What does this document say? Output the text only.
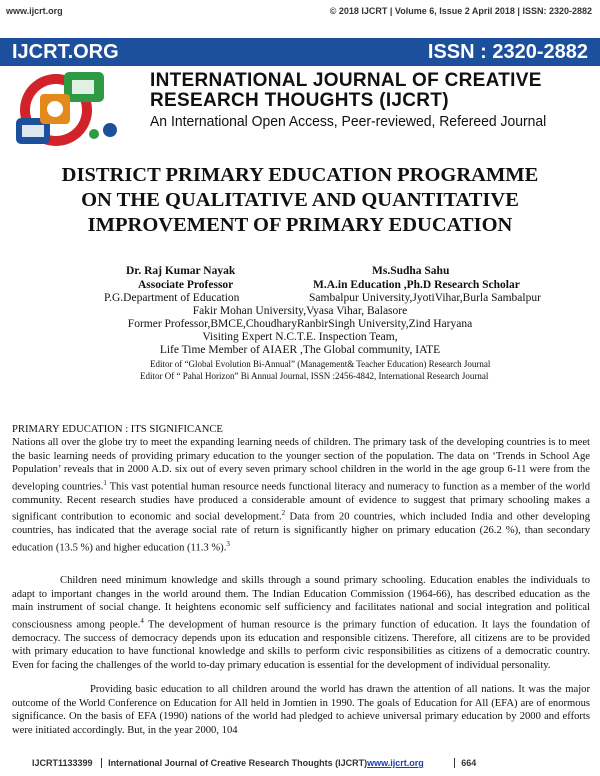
www.ijcrt.org	© 2018 IJCRT | Volume 6, Issue 2 April 2018 | ISSN: 2320-2882
IJCRT.ORG	ISSN : 2320-2882
INTERNATIONAL JOURNAL OF CREATIVE
RESEARCH THOUGHTS (IJCRT)
An International Open Access, Peer-reviewed, Refereed Journal
DISTRICT PRIMARY EDUCATION PROGRAMME
ON THE QUALITATIVE AND QUANTITATIVE
IMPROVEMENT OF PRIMARY EDUCATION
Dr. Raj Kumar Nayak	Ms.Sudha Sahu
Associate Professor	M.A.in Education ,Ph.D Research Scholar
P.G.Department of Education	Sambalpur University,JyotiVihar,Burla Sambalpur
Fakir Mohan University,Vyasa Vihar, Balasore
Former Professor,BMCE,ChoudharyRanbirSingh University,Zind Haryana
Visiting Expert N.C.T.E. Inspection Team,
Life Time Member of AIAER ,The Global community, IATE
Editor of “Global Evolution Bi-Annual” (Management& Teacher Education) Research Journal
Editor Of “ Pahal Horizon” Bi Annual Journal, ISSN :2456-4842, International Research Journal
PRIMARY EDUCATION : ITS SIGNIFICANCE
Nations all over the globe try to meet the expanding learning needs of children. The primary task of the developing countries is to meet the basic learning needs of providing primary education to the younger section of the population. The data on ‘Trends in School Age Population’ reveals that in 2000 A.D. six out of every seven primary school children in the world in the age group 6-11 were from the developing countries.$^1$ This vast potential human resource needs functional literacy and numeracy to function as a member of the world community. Recent research studies have produced a considerable amount of evidence to suggest that primary schooling makes a significant contribution to economic and social development.$^2$ Data from 20 countries, which included India and other developing countries, has indicated that the average social rate of return is significantly higher on primary education (26.2 %), than secondary education (13.5 %) and higher education (11.3 %).$^3$
Children need minimum knowledge and skills through a sound primary schooling. Education enables the individuals to adapt to important changes in the world around them. The Indian Education Commission (1964-66), has described education as the main instrument of social change. It heightens economic self sufficiency and facilitates national and social integration and political consciousness among people.$^4$ The development of human resource is the primary function of education. It lays the foundation of democracy. The success of democracy depends upon its education and responsible citizens. Therefore, all citizens are to be provided with primary education to have functional knowledge and skills to perform civic responsibilities as citizens of a democratic country. Even for facing the challenges of the world to-day primary education is essential for the development of individual personality.
Providing basic education to all children around the world has drawn the attention of all nations. It was the major outcome of the World Conference on Education for All held in Jomtien in 1990. The goals of Education for All (EFA) are of enormous significance. On the basis of EFA (1990) nations of the world had pledged to achieve universal primary education by 2000 and efforts were initiated accordingly. But, in the year 2000, 104
IJCRT1133399 International Journal of Creative Research Thoughts (IJCRT)www.ijcrt.org	664
